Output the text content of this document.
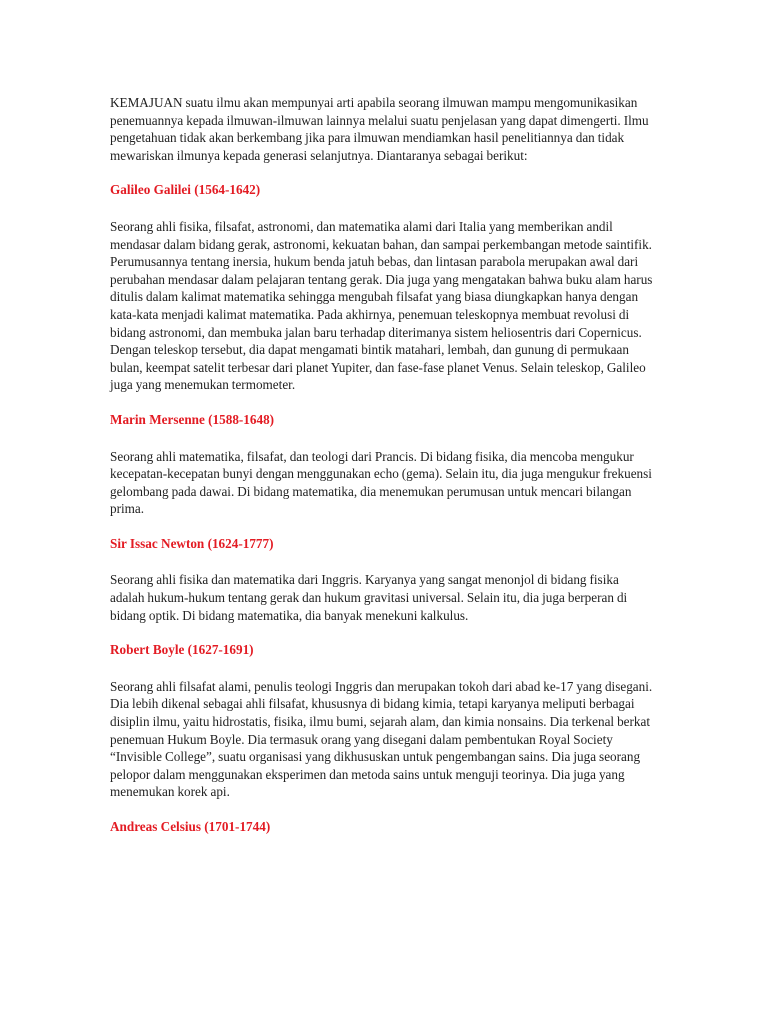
KEMAJUAN suatu ilmu akan mempunyai arti apabila seorang ilmuwan mampu mengomunikasikan penemuannya kepada ilmuwan-ilmuwan lainnya melalui suatu penjelasan yang dapat dimengerti. Ilmu pengetahuan tidak akan berkembang jika para ilmuwan mendiamkan hasil penelitiannya dan tidak mewariskan ilmunya kepada generasi selanjutnya. Diantaranya sebagai berikut:

Galileo Galilei (1564-1642)

Seorang ahli fisika, filsafat, astronomi, dan matematika alami dari Italia yang memberikan andil mendasar dalam bidang gerak, astronomi, kekuatan bahan, dan sampai perkembangan metode saintifik. Perumusannya tentang inersia, hukum benda jatuh bebas, dan lintasan parabola merupakan awal dari perubahan mendasar dalam pelajaran tentang gerak. Dia juga yang mengatakan bahwa buku alam harus ditulis dalam kalimat matematika sehingga mengubah filsafat yang biasa diungkapkan hanya dengan kata-kata menjadi kalimat matematika. Pada akhirnya, penemuan teleskopnya membuat revolusi di bidang astronomi, dan membuka jalan baru terhadap diterimanya sistem heliosentris dari Copernicus. Dengan teleskop tersebut, dia dapat mengamati bintik matahari, lembah, dan gunung di permukaan bulan, keempat satelit terbesar dari planet Yupiter, dan fase-fase planet Venus. Selain teleskop, Galileo juga yang menemukan termometer.

Marin Mersenne (1588-1648)

Seorang ahli matematika, filsafat, dan teologi dari Prancis. Di bidang fisika, dia mencoba mengukur kecepatan-kecepatan bunyi dengan menggunakan echo (gema). Selain itu, dia juga mengukur frekuensi gelombang pada dawai. Di bidang matematika, dia menemukan perumusan untuk mencari bilangan prima.

Sir Issac Newton (1624-1777)

Seorang ahli fisika dan matematika dari Inggris. Karyanya yang sangat menonjol di bidang fisika adalah hukum-hukum tentang gerak dan hukum gravitasi universal. Selain itu, dia juga berperan di bidang optik. Di bidang matematika, dia banyak menekuni kalkulus.

Robert Boyle (1627-1691)

Seorang ahli filsafat alami, penulis teologi Inggris dan merupakan tokoh dari abad ke-17 yang disegani. Dia lebih dikenal sebagai ahli filsafat, khususnya di bidang kimia, tetapi karyanya meliputi berbagai disiplin ilmu, yaitu hidrostatis, fisika, ilmu bumi, sejarah alam, dan kimia nonsains. Dia terkenal berkat penemuan Hukum Boyle. Dia termasuk orang yang disegani dalam pembentukan Royal Society “Invisible College”, suatu organisasi yang dikhususkan untuk pengembangan sains. Dia juga seorang pelopor dalam menggunakan eksperimen dan metoda sains untuk menguji teorinya. Dia juga yang menemukan korek api.

Andreas Celsius (1701-1744)
